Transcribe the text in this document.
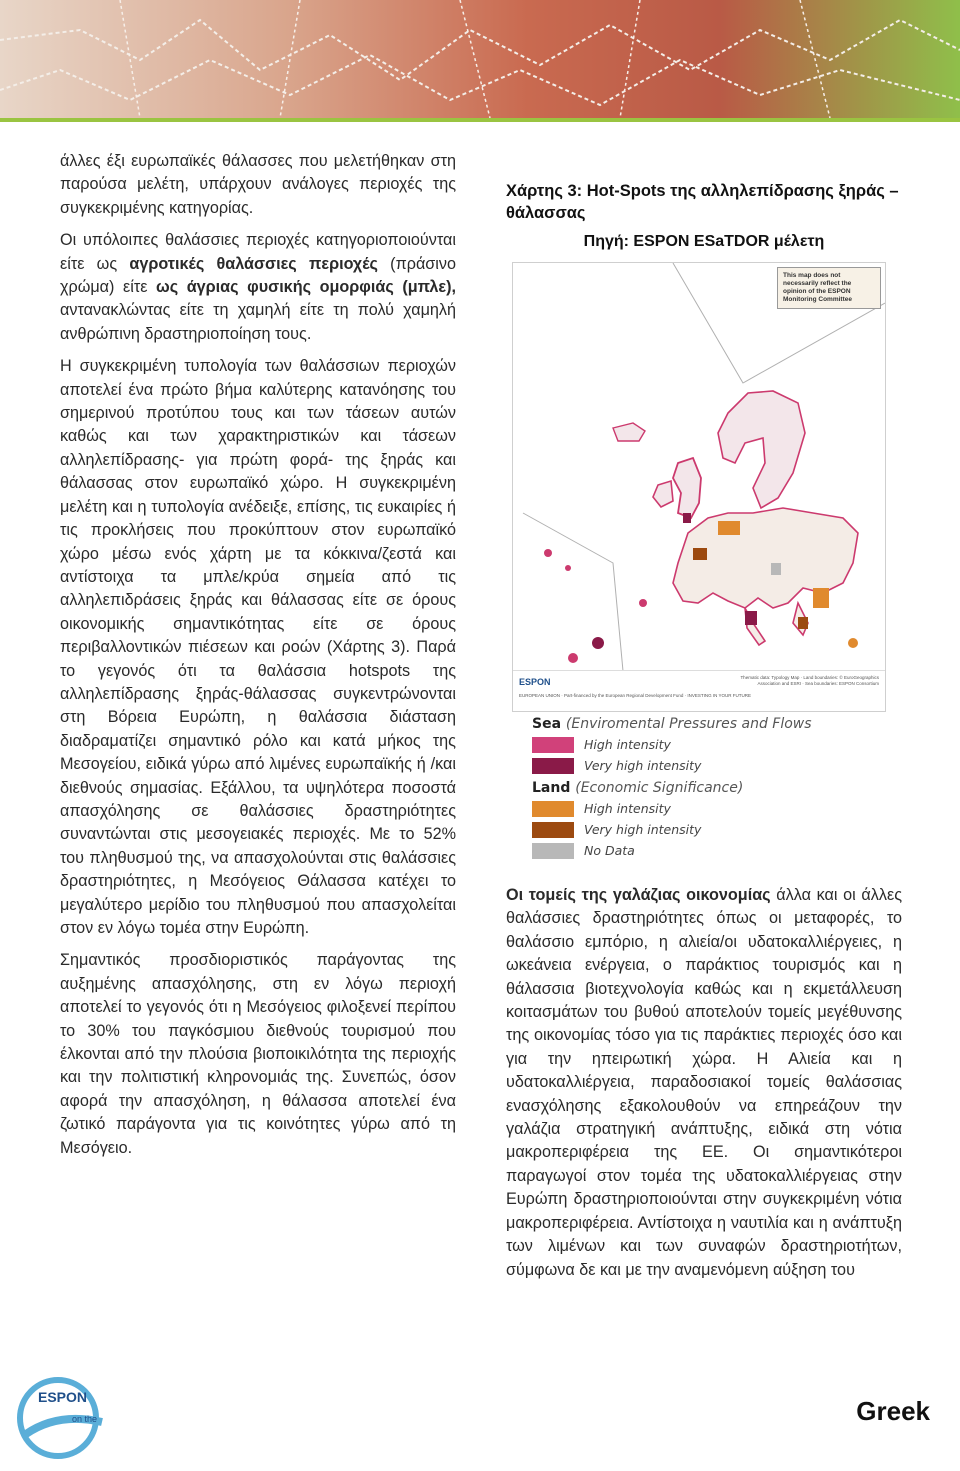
άλλες έξι ευρωπαϊκές θάλασσες που μελετήθηκαν στη παρούσα μελέτη, υπάρχουν ανάλογες περιοχές της συγκεκριμένης κατηγορίας.

Οι υπόλοιπες θαλάσσιες περιοχές κατηγοριοποιούνται είτε ως αγροτικές θαλάσσιες περιοχές (πράσινο χρώμα) είτε ως άγριας φυσικής ομορφιάς (μπλε), αντανακλώντας είτε τη χαμηλή είτε τη πολύ χαμηλή ανθρώπινη δραστηριοποίηση τους.

Η συγκεκριμένη τυπολογία των θαλάσσιων περιοχών αποτελεί ένα πρώτο βήμα καλύτερης κατανόησης του σημερινού προτύπου τους και των τάσεων αυτών καθώς και των χαρακτηριστικών και τάσεων αλληλεπίδρασης- για πρώτη φορά- της ξηράς και θάλασσας στον ευρωπαϊκό χώρο. Η συγκεκριμένη μελέτη και η τυπολογία ανέδειξε, επίσης, τις ευκαιρίες ή τις προκλήσεις που προκύπτουν στον ευρωπαϊκό χώρο μέσω ενός χάρτη με τα κόκκινα/ζεστά και αντίστοιχα τα μπλε/κρύα σημεία από τις αλληλεπιδράσεις ξηράς και θάλασσας είτε σε όρους οικονομικής σημαντικότητας είτε σε όρους περιβαλλοντικών πιέσεων και ροών (Χάρτης 3). Παρά το γεγονός ότι τα θαλάσσια hotspots της αλληλεπίδρασης ξηράς-θάλασσας συγκεντρώνονται στη Βόρεια Ευρώπη, η θαλάσσια διάσταση διαδραματίζει σημαντικό ρόλο και κατά μήκος της Μεσογείου, ειδικά γύρω από λιμένες ευρωπαϊκής ή /και διεθνούς σημασίας. Εξάλλου, τα υψηλότερα ποσοστά απασχόλησης σε θαλάσσιες δραστηριότητες συναντώνται στις μεσογειακές περιοχές. Με το 52% του πληθυσμού της, να απασχολούνται στις θαλάσσιες δραστηριότητες, η Μεσόγειος Θάλασσα κατέχει το μεγαλύτερο μερίδιο του πληθυσμού που απασχολείται στον εν λόγω τομέα στην Ευρώπη.

Σημαντικός προσδιοριστικός παράγοντας της αυξημένης απασχόλησης, στη εν λόγω περιοχή αποτελεί το γεγονός ότι η Μεσόγειος φιλοξενεί περίπου το 30% του παγκόσμιου διεθνούς τουρισμού που έλκονται από την πλούσια βιοποικιλότητα της περιοχής και την πολιτιστική κληρονομιάς της. Συνεπώς, όσον αφορά την απασχόληση, η θάλασσα αποτελεί ένα ζωτικό παράγοντα για τις κοινότητες γύρω από τη Μεσόγειο.

Χάρτης 3: Hot-Spots της αλληλεπίδρασης ξηράς –θάλασσας
Πηγή: ESPON ESaTDOR μέλετη
This map does not necessarily reflect the opinion of the ESPON Monitoring Committee
ESPON
EUROPEAN UNION · Part-financed by the European Regional Development Fund · INVESTING IN YOUR FUTURE
Thematic data: Typology Map · Land boundaries: © EuroGeographics Association and ESRI · Sea boundaries: ESPON Consortium
Sea (Enviromental Pressures and Flows
High intensity
Very high intensity
Land (Economic Significance)
High intensity
Very high intensity
No Data

Οι τομείς της γαλάζιας οικονομίας άλλα και οι άλλες θαλάσσιες δραστηριότητες όπως οι μεταφορές, το θαλάσσιο εμπόριο, η αλιεία/οι υδατοκαλλιέργειες, η ωκεάνεια ενέργεια, ο παράκτιος τουρισμός και η θάλασσια βιοτεχνολογία καθώς και η εκμετάλλευση κοιτασμάτων του βυθού αποτελούν τομείς μεγέθυνσης της οικονομίας τόσο για τις παράκτιες περιοχές όσο και για την ηπειρωτική χώρα. Η Αλιεία και η υδατοκαλλιέργεια, παραδοσιακοί τομείς θαλάσσιας ενασχόλησης εξακολουθούν να επηρεάζουν την γαλάζια στρατηγική ανάπτυξης, ειδικά στη νότια μακροπεριφέρεια της ΕΕ. Οι σημαντικότεροι παραγωγοί στον τομέα της υδατοκαλλιέργειας στην Ευρώπη δραστηριοποιούνται στην συγκεκριμένη νότια μακροπεριφέρεια. Αντίστοιχα η ναυτιλία και η ανάπτυξη των λιμένων και των συναφών δραστηριοτήτων, σύμφωνα δε και με την αναμενόμενη αύξηση του

ESPON
on the
road
Greek
